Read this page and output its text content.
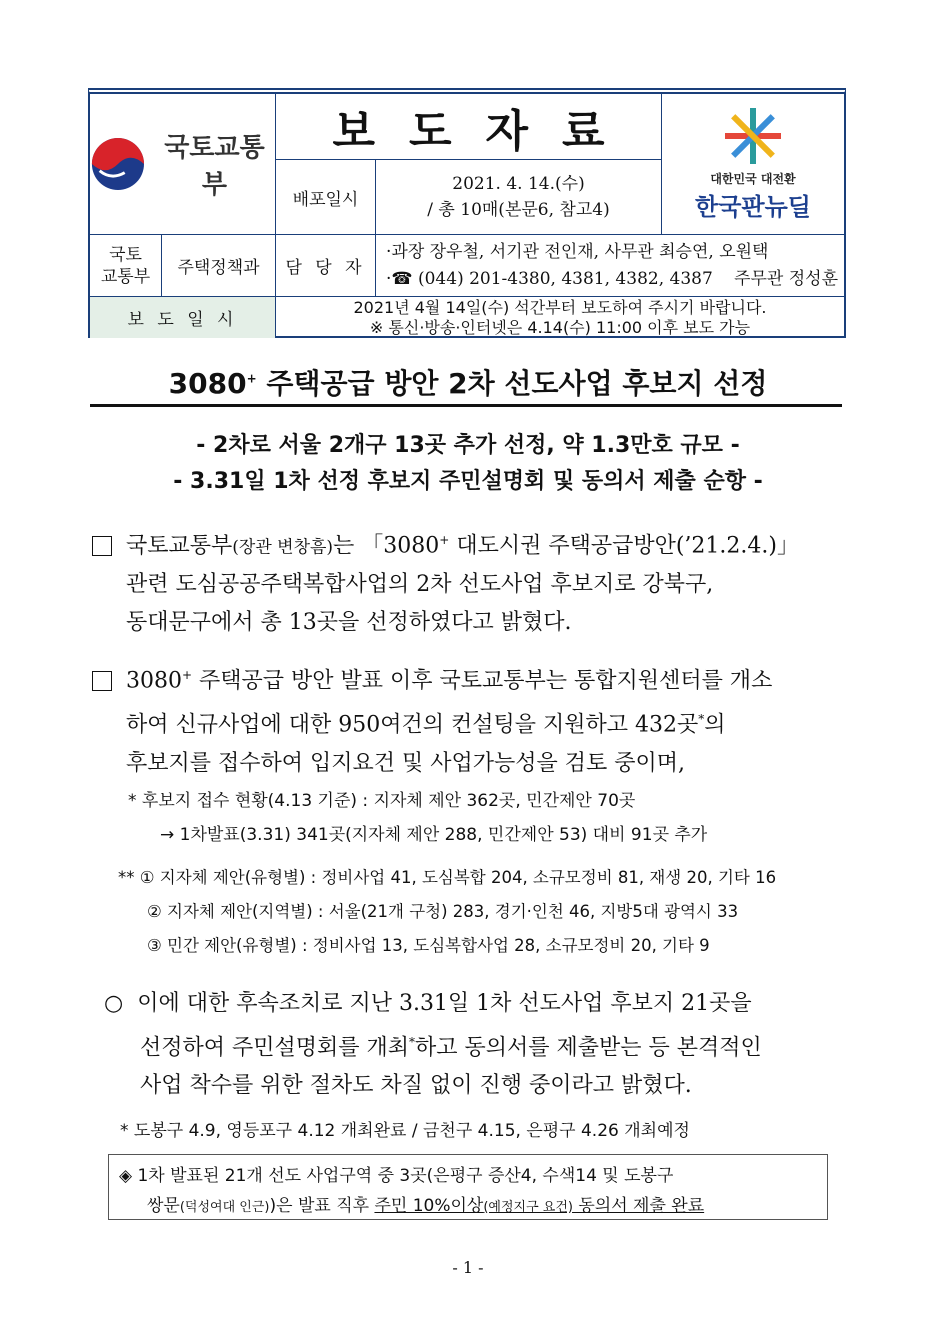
국토교통부
보도자료
배포일시
2021. 4. 14.(수)
/ 총 10매(본문6, 참고4)
대한민국 대전환
한국판뉴딜
국토
교통부	주택정책과	담 당 자
·과장 장우철, 서기관 전인재, 사무관 최승연, 오원택
·☎ (044) 201-4380, 4381, 4382, 4387 주무관 정성훈
보 도 일 시
2021년 4월 14일(수) 석간부터 보도하여 주시기 바랍니다.
※ 통신·방송·인터넷은 4.14(수) 11:00 이후 보도 가능
3080+ 주택공급 방안 2차 선도사업 후보지 선정
- 2차로 서울 2개구 13곳 추가 선정, 약 1.3만호 규모 -
- 3.31일 1차 선정 후보지 주민설명회 및 동의서 제출 순항 -
국토교통부(장관 변창흠)는 「3080+ 대도시권 주택공급방안(’21.2.4.)」
관련 도심공공주택복합사업의 2차 선도사업 후보지로 강북구,
동대문구에서 총 13곳을 선정하였다고 밝혔다.
3080+ 주택공급 방안 발표 이후 국토교통부는 통합지원센터를 개소
하여 신규사업에 대한 950여건의 컨설팅을 지원하고 432곳*의
후보지를 접수하여 입지요건 및 사업가능성을 검토 중이며,
* 후보지 접수 현황(4.13 기준) : 지자체 제안 362곳, 민간제안 70곳
→ 1차발표(3.31) 341곳(지자체 제안 288, 민간제안 53) 대비 91곳 추가
** ① 지자체 제안(유형별) : 정비사업 41, 도심복합 204, 소규모정비 81, 재생 20, 기타 16
② 지자체 제안(지역별) : 서울(21개 구청) 283, 경기·인천 46, 지방5대 광역시 33
③ 민간 제안(유형별) : 정비사업 13, 도심복합사업 28, 소규모정비 20, 기타 9
○ 이에 대한 후속조치로 지난 3.31일 1차 선도사업 후보지 21곳을
선정하여 주민설명회를 개최*하고 동의서를 제출받는 등 본격적인
사업 착수를 위한 절차도 차질 없이 진행 중이라고 밝혔다.
* 도봉구 4.9, 영등포구 4.12 개최완료 / 금천구 4.15, 은평구 4.26 개최예정
◈ 1차 발표된 21개 선도 사업구역 중 3곳(은평구 증산4, 수색14 및 도봉구
쌍문(덕성여대 인근))은 발표 직후 주민 10%이상(예정지구 요건) 동의서 제출 완료
- 1 -
